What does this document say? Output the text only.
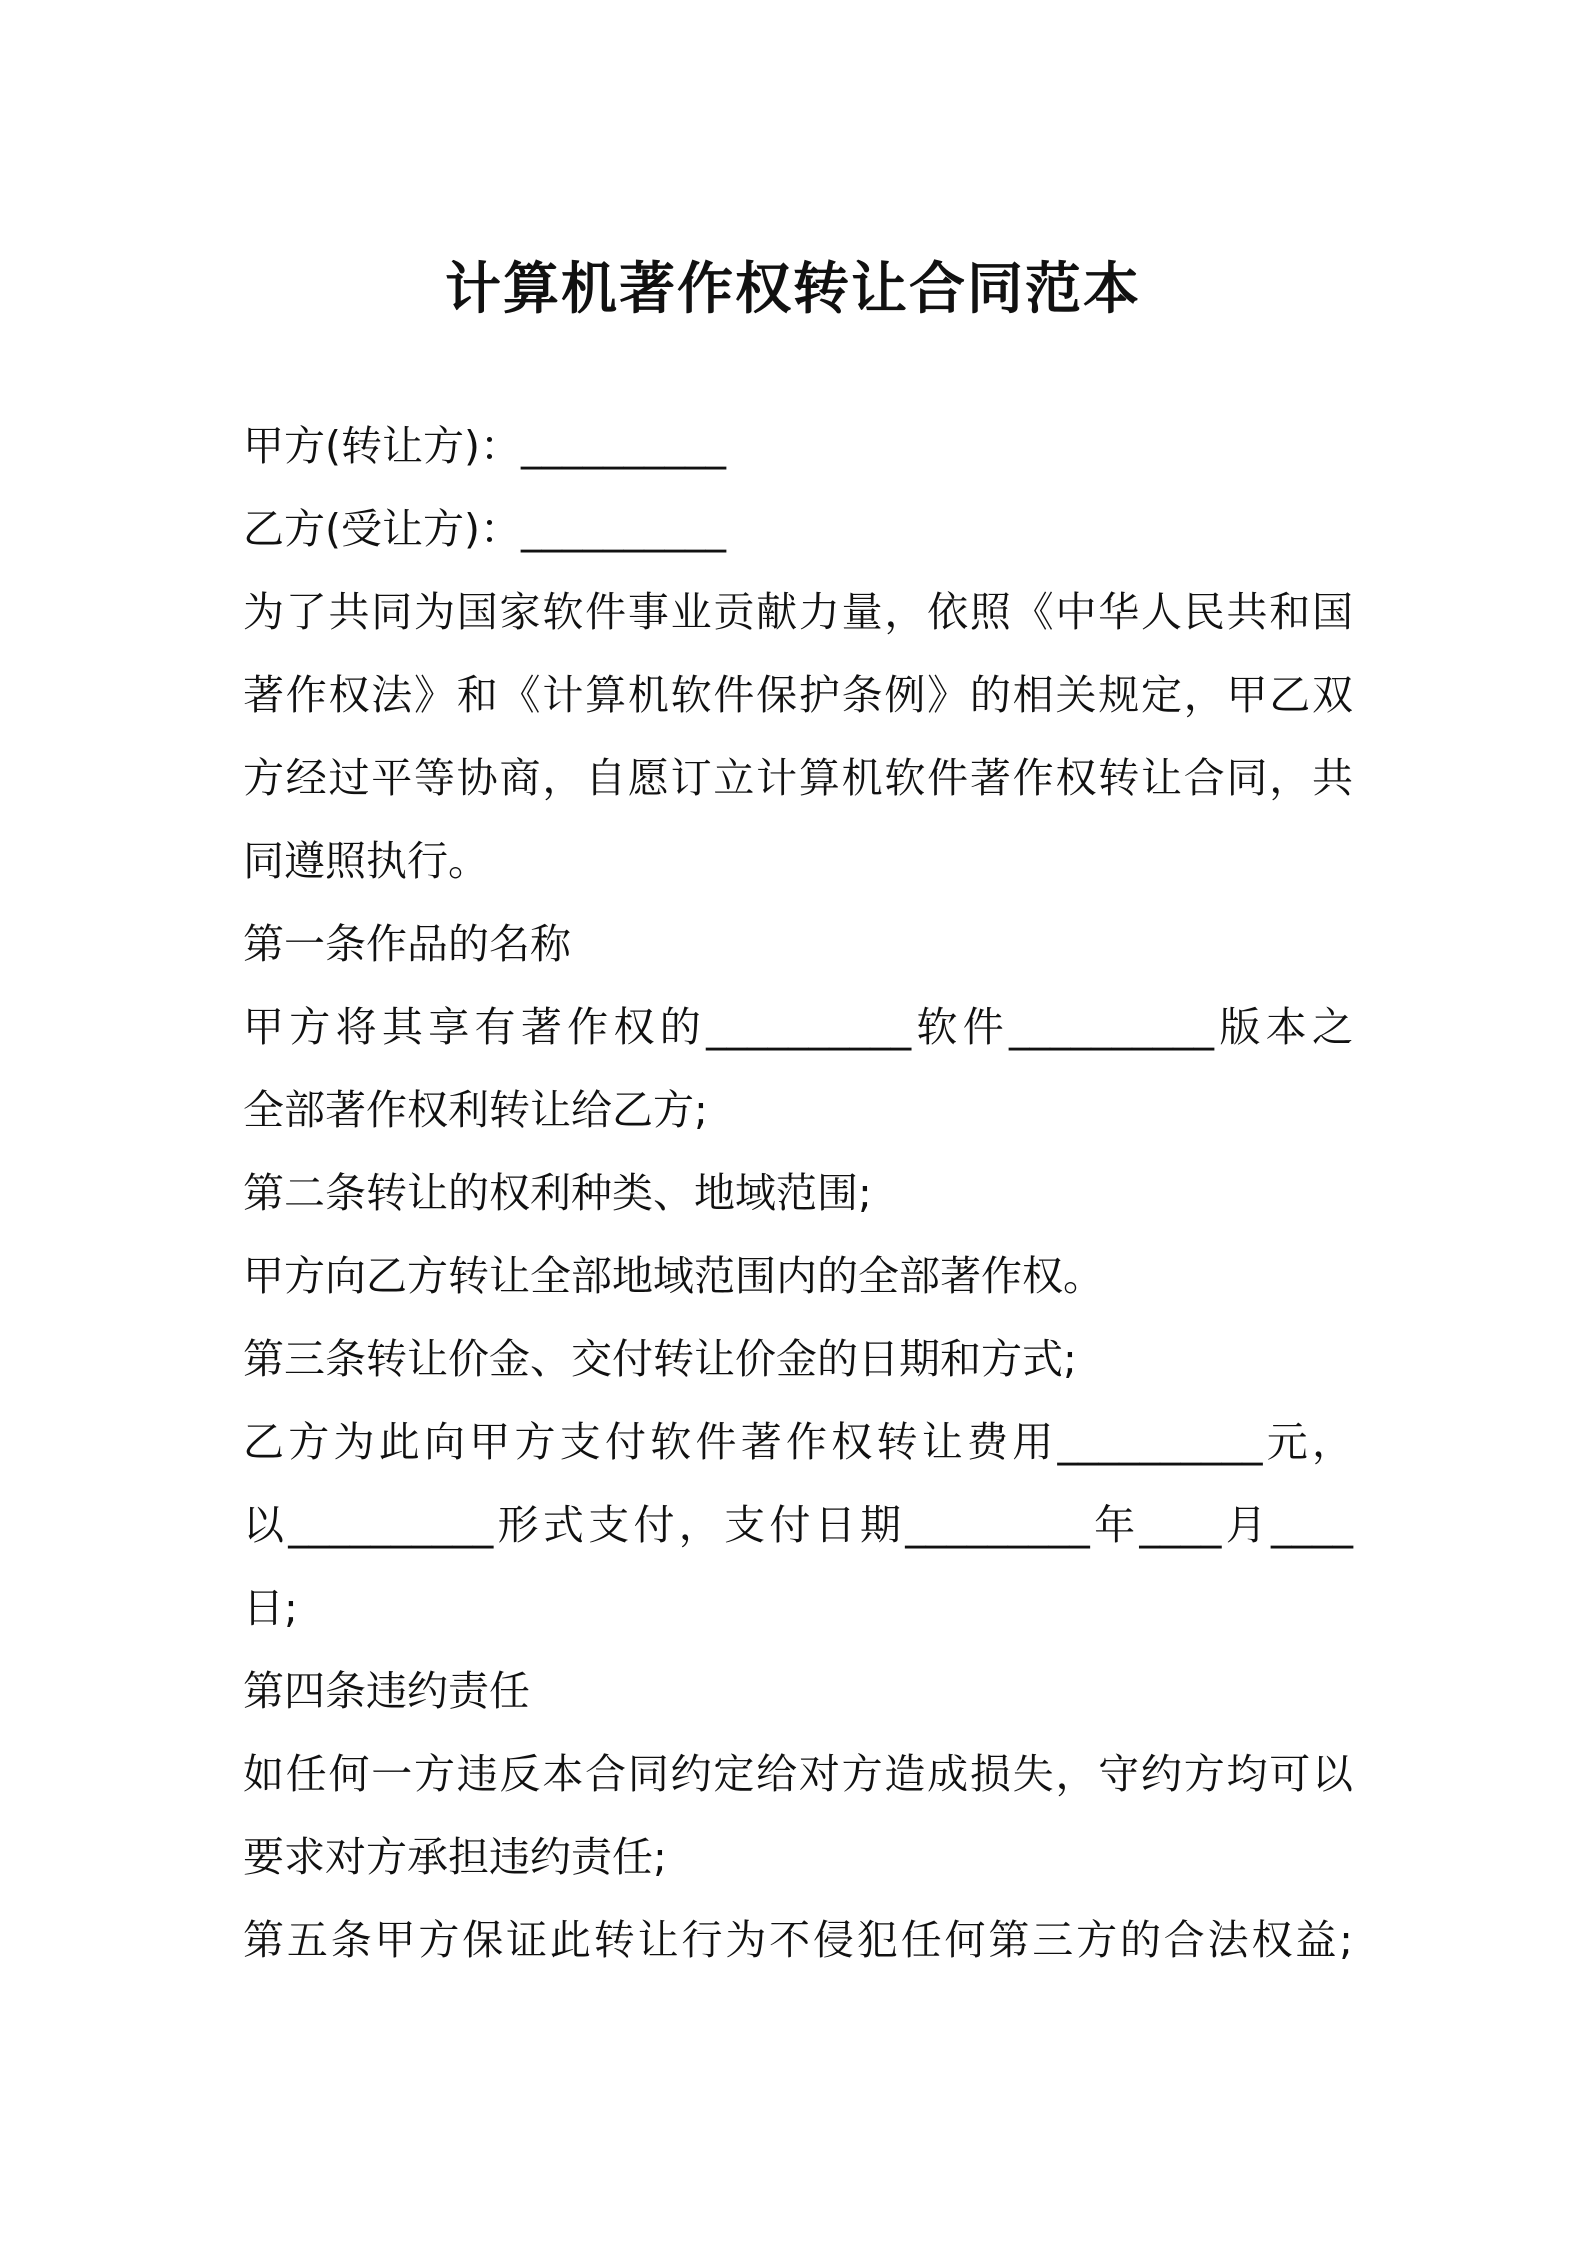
计算机著作权转让合同范本

甲方(转让方)：__________

乙方(受让方)：__________

为了共同为国家软件事业贡献力量，依照《中华人民共和国

著作权法》和《计算机软件保护条例》的相关规定，甲乙双

方经过平等协商，自愿订立计算机软件著作权转让合同，共

同遵照执行。

第一条作品的名称

甲方将其享有著作权的__________软件__________版本之

全部著作权利转让给乙方;

第二条转让的权利种类、地域范围;

甲方向乙方转让全部地域范围内的全部著作权。

第三条转让价金、交付转让价金的日期和方式;

乙方为此向甲方支付软件著作权转让费用__________元，

以__________形式支付，支付日期_________年____月____

日;

第四条违约责任

如任何一方违反本合同约定给对方造成损失，守约方均可以

要求对方承担违约责任;

第五条甲方保证此转让行为不侵犯任何第三方的合法权益;
